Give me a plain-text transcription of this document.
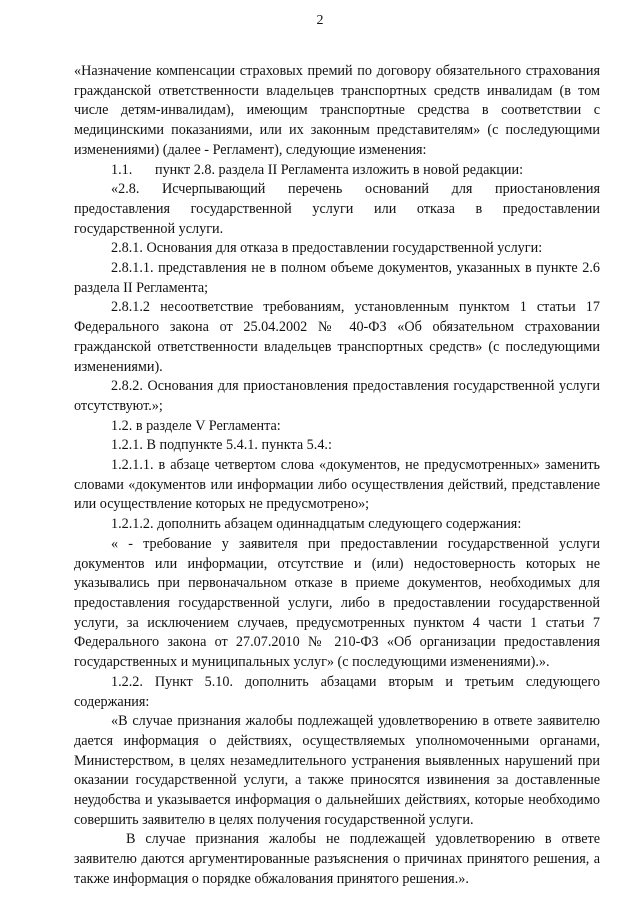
2

«Назначение компенсации страховых премий по договору обязательного страхования гражданской ответственности владельцев транспортных средств инвалидам (в том числе детям-инвалидам), имеющим транспортные средства в соответствии с медицинскими показаниями, или их законным представителям» (с последующими изменениями) (далее - Регламент), следующие изменения:

1.1.	пункт 2.8. раздела II Регламента изложить в новой редакции:

«2.8. Исчерпывающий перечень оснований для приостановления предоставления государственной услуги или отказа в предоставлении государственной услуги.

2.8.1. Основания для отказа в предоставлении государственной услуги:

2.8.1.1. представления не в полном объеме документов, указанных в пункте 2.6 раздела II Регламента;

2.8.1.2 несоответствие требованиям, установленным пунктом 1 статьи 17 Федерального закона от 25.04.2002 № 40-ФЗ «Об обязательном страховании гражданской ответственности владельцев транспортных средств» (с последующими изменениями).

2.8.2. Основания для приостановления предоставления государственной услуги отсутствуют.»;

1.2. в разделе V Регламента:

1.2.1. В подпункте 5.4.1. пункта 5.4.:

1.2.1.1. в абзаце четвертом слова «документов, не предусмотренных» заменить словами «документов или информации либо осуществления действий, представление или осуществление которых не предусмотрено»;

1.2.1.2. дополнить абзацем одиннадцатым следующего содержания:

« - требование у заявителя при предоставлении государственной услуги документов или информации, отсутствие и (или) недостоверность которых не указывались при первоначальном отказе в приеме документов, необходимых для предоставления государственной услуги, либо в предоставлении государственной услуги, за исключением случаев, предусмотренных пунктом 4 части 1 статьи 7 Федерального закона от 27.07.2010 № 210-ФЗ «Об организации предоставления государственных и муниципальных услуг» (с последующими изменениями).».

1.2.2. Пункт 5.10. дополнить абзацами вторым и третьим следующего содержания:

«В случае признания жалобы подлежащей удовлетворению в ответе заявителю дается информация о действиях, осуществляемых уполномоченными органами, Министерством, в целях незамедлительного устранения выявленных нарушений при оказании государственной услуги, а также приносятся извинения за доставленные неудобства и указывается информация о дальнейших действиях, которые необходимо совершить заявителю в целях получения государственной услуги.

В случае признания жалобы не подлежащей удовлетворению в ответе заявителю даются аргументированные разъяснения о причинах принятого решения, а также информация о порядке обжалования принятого решения.».
